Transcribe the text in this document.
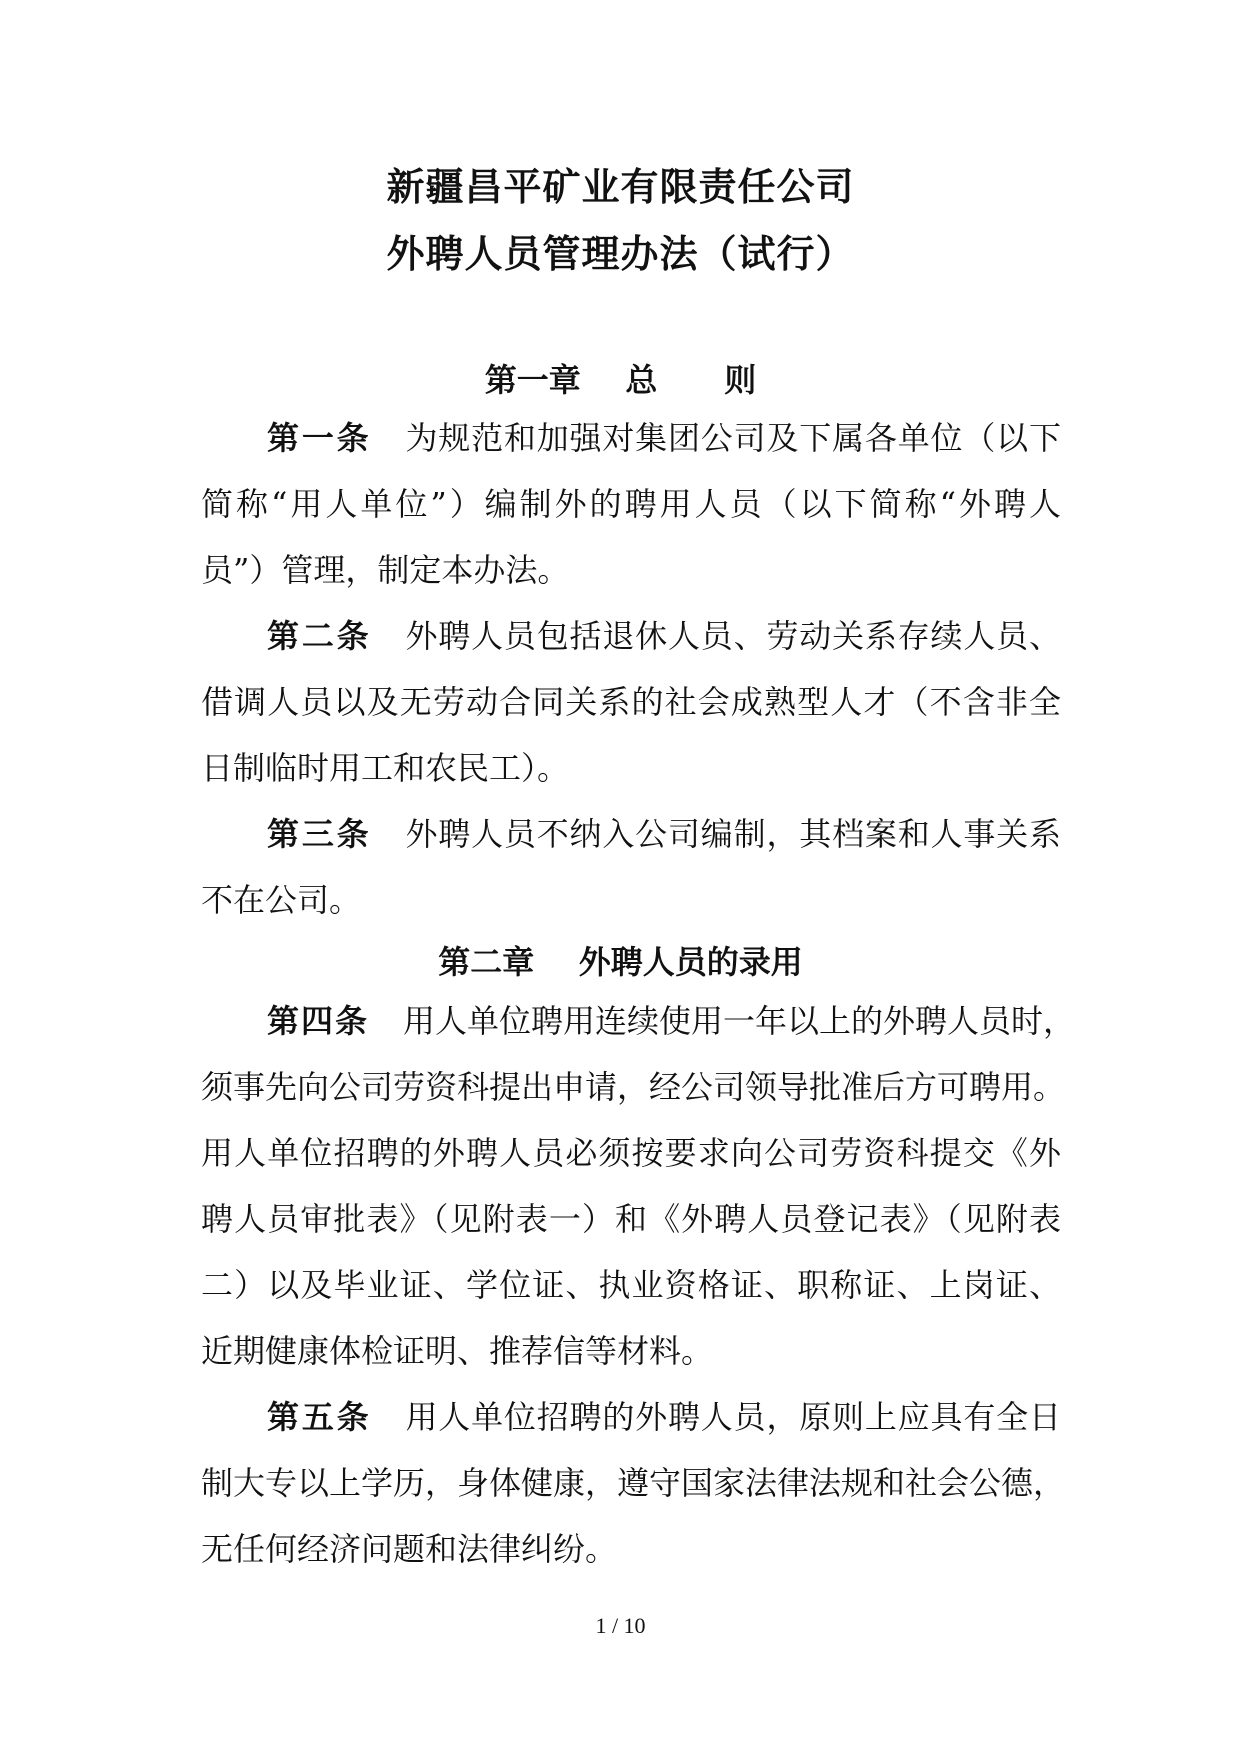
新疆昌平矿业有限责任公司
外聘人员管理办法（试行）
第一章    总      则
第一条 为规范和加强对集团公司及下属各单位（以下
简称“用人单位”）编制外的聘用人员（以下简称“外聘人
员”）管理，制定本办法。
第二条 外聘人员包括退休人员、劳动关系存续人员、
借调人员以及无劳动合同关系的社会成熟型人才（不含非全
日制临时用工和农民工）。
第三条 外聘人员不纳入公司编制，其档案和人事关系
不在公司。
第二章    外聘人员的录用
第四条 用人单位聘用连续使用一年以上的外聘人员时，
须事先向公司劳资科提出申请，经公司领导批准后方可聘用。
用人单位招聘的外聘人员必须按要求向公司劳资科提交《外
聘人员审批表》（见附表一）和《外聘人员登记表》（见附表
二）以及毕业证、学位证、执业资格证、职称证、上岗证、
近期健康体检证明、推荐信等材料。
第五条 用人单位招聘的外聘人员，原则上应具有全日
制大专以上学历，身体健康，遵守国家法律法规和社会公德，
无任何经济问题和法律纠纷。
1 / 10
